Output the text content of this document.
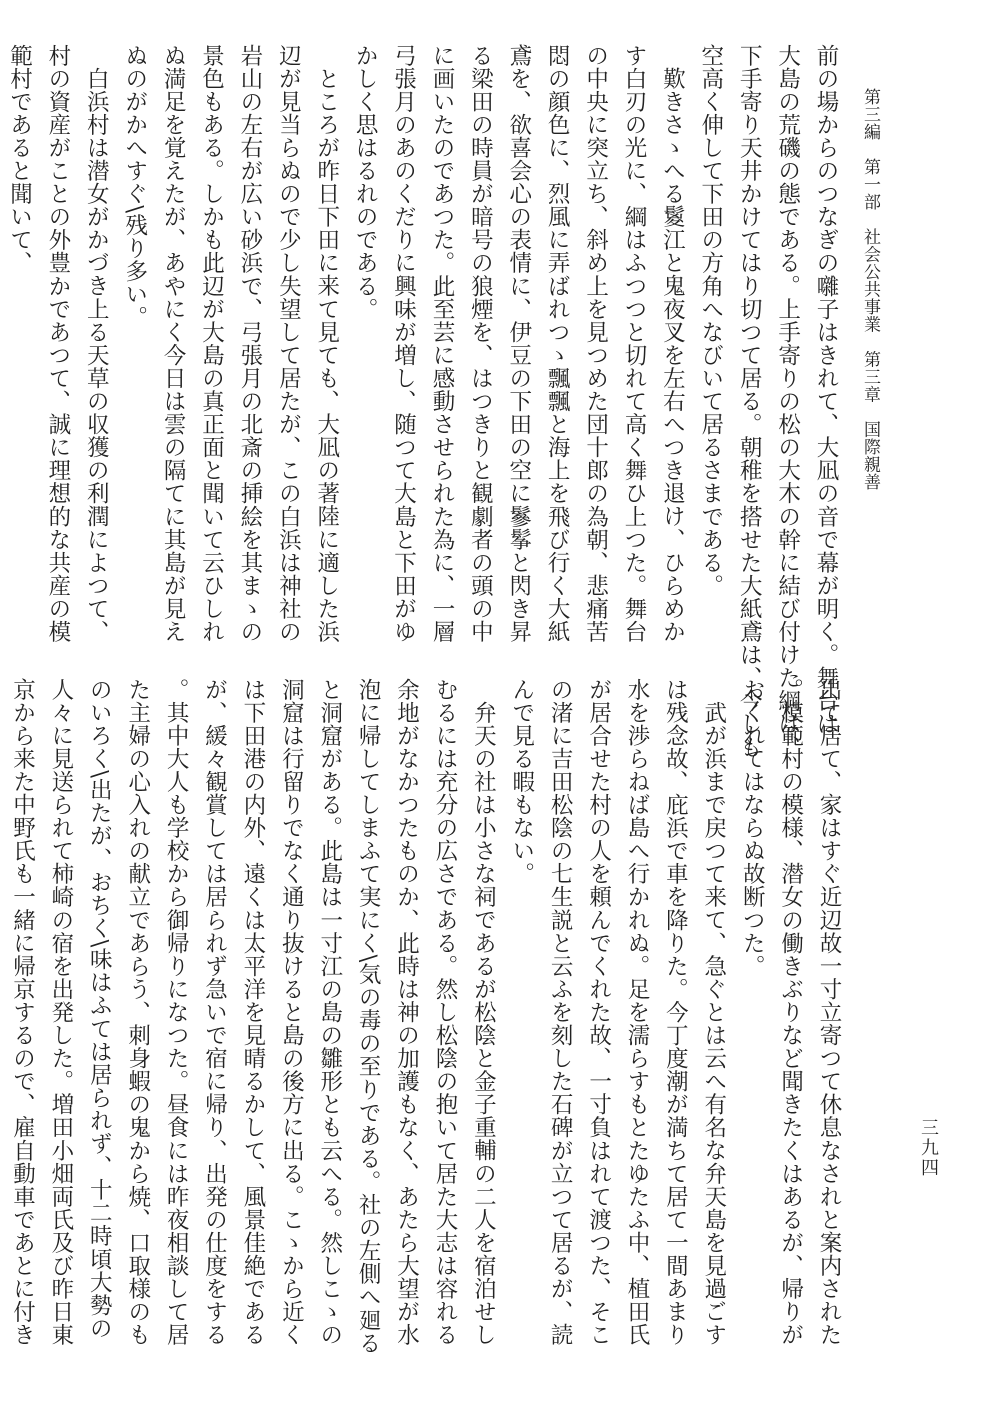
第三編　第一部　社会公共事業　第三章　国際親善
三九四
前の場からのつなぎの囃子はきれて、大凪の音で幕が明く。舞台は
大島の荒磯の態である。上手寄りの松の大木の幹に結び付けた綱は、
下手寄り天井かけてはり切つて居る。朝稚を搭せた大紙鳶は、今しも
空高く伸して下田の方角へなびいて居るさまである。

歎きさゝへる鬉江と鬼夜叉を左右へつき退け、ひらめかす白刃の光に、綱はふつつと切れて高く舞ひ上つた。舞台の中央に突立ち、斜め上を見つめた団十郎の為朝、悲痛苦悶の顔色に、烈風に弄ばれつゝ飄飄と海上を飛び行く大紙鳶を、欲喜会心の表情に、伊豆の下田の空に鬖鬇と閃き昇る梁田の時員が暗号の狼煙を、はつきりと観劇者の頭の中に画いたのであつた。此至芸に感動させられた為に、一層弓張月のあのくだりに興味が増し、随つて大島と下田がゆかしく思はるれのである。

ところが昨日下田に来て見ても、大凪の著陸に適した浜辺が見当らぬので少し失望して居たが、この白浜は神社の岩山の左右が広い砂浜で、弓張月の北斎の挿絵を其まゝの景色もある。しかも此辺が大島の真正面と聞いて云ひしれぬ満足を覚えたが、あやにく今日は雲の隔てに其島が見えぬのがかへすぐ\残り多い。

白浜村は潜女がかづき上る天草の収獲の利潤によつて、村の資産がことの外豊かであつて、誠に理想的な共産の模範村であると聞いて、

出て居て、家はすぐ近辺故一寸立寄つて休息なされと案内された。模範村の模様、潜女の働きぶりなど聞きたくはあるが、帰りがおくれてはならぬ故断つた。

武が浜まで戻つて来て、急ぐとは云へ有名な弁天島を見過ごすは残念故、庇浜で車を降りた。今丁度潮が満ちて居て一間あまり水を渉らねば島へ行かれぬ。足を濡らすもとたゆたふ中、植田氏が居合せた村の人を頼んでくれた故、一寸負はれて渡つた、そこの渚に吉田松陰の七生説と云ふを刻した石碑が立つて居るが、読んで見る暇もない。

弁天の社は小さな祠であるが松陰と金子重輔の二人を宿泊せしむるには充分の広さである。然し松陰の抱いて居た大志は容れる余地がなかつたものか、此時は神の加護もなく、あたら大望が水泡に帰してしまふて実にく\気の毒の至りである。社の左側へ廻ると洞窟がある。此島は一寸江の島の雛形とも云へる。然しこゝの洞窟は行留りでなく通り抜けると島の後方に出る。こゝから近くは下田港の内外、遠くは太平洋を見晴るかして、風景佳絶であるが、緩々観賞しては居られず急いで宿に帰り、出発の仕度をする。其中大人も学校から御帰りになつた。昼食には昨夜相談して居た主婦の心入れの献立であらう、刺身蝦の鬼から焼、口取様のものいろく\出たが、おちく\味はふては居られず、十二時頃大勢の人々に見送られて柿崎の宿を出発した。増田小畑両氏及び昨日東京から来た中野氏も一緒に帰京するので、雇自動車であとに付き
